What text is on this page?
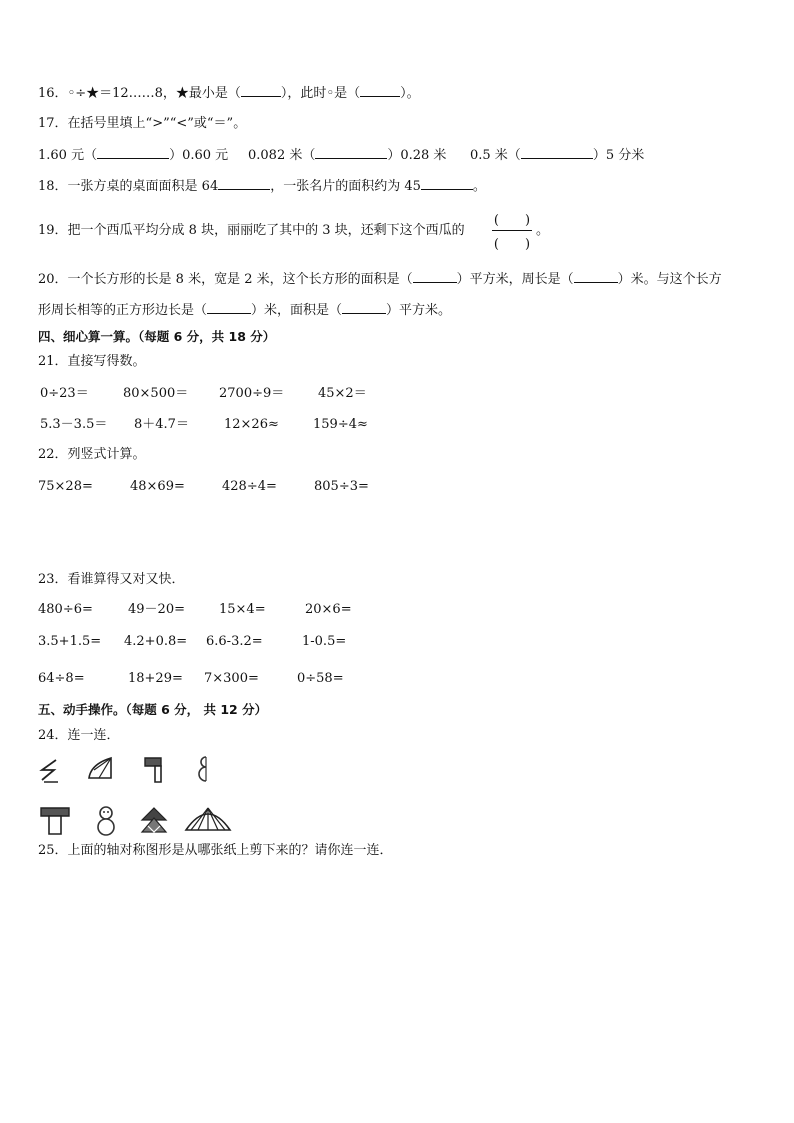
16．◦÷★＝12……8，★最小是（	），此时◦是（	）。
17．在括号里填上“>”“<”或“＝”。
1.60 元（	）0.60 元 0.082 米（	）0.28 米 0.5 米（	）5 分米
18．一张方桌的桌面面积是 64	，一张名片的面积约为 45	。
19．把一个西瓜平均分成 8 块，丽丽吃了其中的 3 块，还剩下这个西瓜的
(　　)
(　　)
。
20．一个长方形的长是 8 米，宽是 2 米，这个长方形的面积是（	）平方米，周长是（	）米。与这个长方
形周长相等的正方形边长是（	）米，面积是（	）平方米。
四、细心算一算。（每题 6 分，共 18 分）
21．直接写得数。
0÷23＝	80×500＝ 2700÷9＝	45×2＝
5.3－3.5＝ 8＋4.7＝	12×26≈	159÷4≈
22．列竖式计算。
75×28=	48×69=	428÷4=	805÷3=
23．看谁算得又对又快．
480÷6=	49－20=	15×4=	20×6=
3.5+1.5= 4.2+0.8= 6.6-3.2=	1-0.5=
64÷8=	18+29= 7×300=	0÷58=
五、动手操作。（每题 6 分， 共 12 分）
24．连一连．
25．上面的轴对称图形是从哪张纸上剪下来的？请你连一连．
